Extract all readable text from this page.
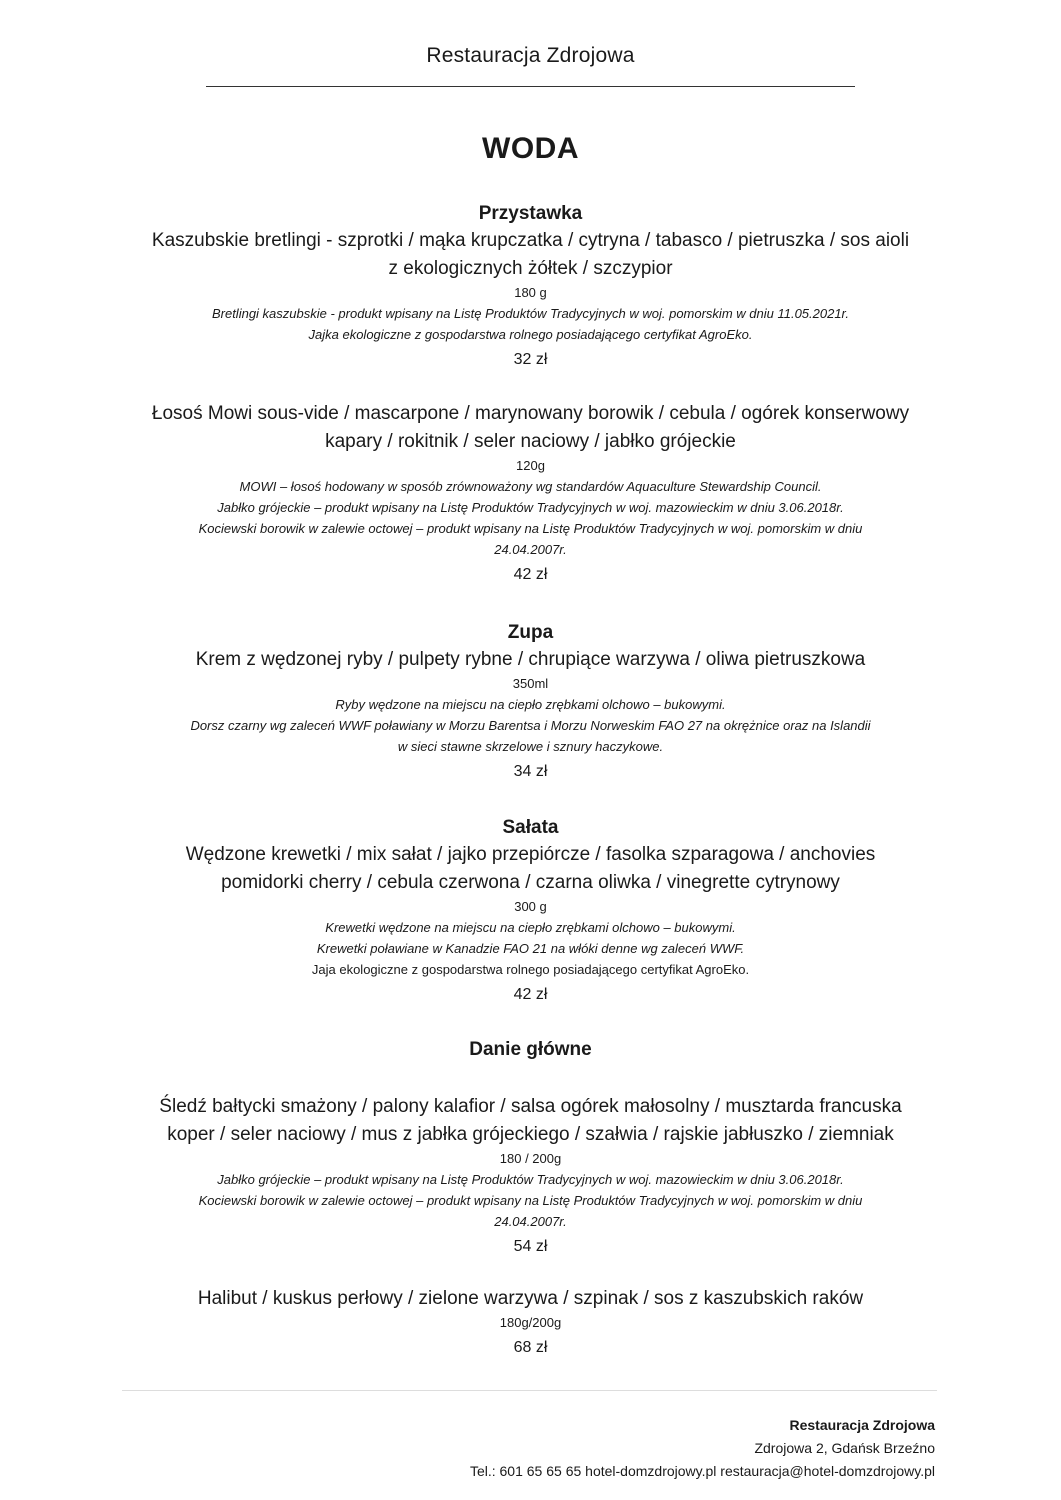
Restauracja Zdrojowa
WODA
Przystawka
Kaszubskie bretlingi - szprotki / mąka krupczatka / cytryna / tabasco / pietruszka / sos aioli
z ekologicznych żółtek / szczypior
180 g
Bretlingi kaszubskie - produkt wpisany na Listę Produktów Tradycyjnych w woj. pomorskim w dniu 11.05.2021r.
Jajka ekologiczne z gospodarstwa rolnego posiadającego certyfikat AgroEko.
32 zł
Łosoś Mowi sous-vide / mascarpone / marynowany borowik / cebula / ogórek konserwowy
kapary / rokitnik / seler naciowy / jabłko grójeckie
120g
MOWI – łosoś hodowany w sposób zrównoważony wg standardów Aquaculture Stewardship Council.
Jabłko grójeckie – produkt wpisany na Listę Produktów Tradycyjnych w woj. mazowieckim w dniu 3.06.2018r.
Kociewski borowik w zalewie octowej – produkt wpisany na Listę Produktów Tradycyjnych w woj. pomorskim w dniu
24.04.2007r.
42 zł
Zupa
Krem z wędzonej ryby / pulpety rybne / chrupiące warzywa / oliwa pietruszkowa
350ml
Ryby wędzone na miejscu na ciepło zrębkami olchowo – bukowymi.
Dorsz czarny wg zaleceń WWF poławiany w Morzu Barentsa i Morzu Norweskim FAO 27 na okrężnice oraz na Islandii
w sieci stawne skrzelowe i sznury haczykowe.
34 zł
Sałata
Wędzone krewetki / mix sałat / jajko przepiórcze / fasolka szparagowa / anchovies
pomidorki cherry / cebula czerwona / czarna oliwka / vinegrette cytrynowy
300 g
Krewetki wędzone na miejscu na ciepło zrębkami olchowo – bukowymi.
Krewetki poławiane w Kanadzie FAO 21 na włóki denne wg zaleceń WWF.
Jaja ekologiczne z gospodarstwa rolnego posiadającego certyfikat AgroEko.
42 zł
Danie główne
Śledź bałtycki smażony / palony kalafior / salsa ogórek małosolny / musztarda francuska
koper / seler naciowy / mus z jabłka grójeckiego / szałwia / rajskie jabłuszko / ziemniak
180 / 200g
Jabłko grójeckie – produkt wpisany na Listę Produktów Tradycyjnych w woj. mazowieckim w dniu 3.06.2018r.
Kociewski borowik w zalewie octowej – produkt wpisany na Listę Produktów Tradycyjnych w woj. pomorskim w dniu
24.04.2007r.
54 zł
Halibut / kuskus perłowy / zielone warzywa / szpinak / sos z kaszubskich raków
180g/200g
68 zł
Restauracja Zdrojowa
Zdrojowa 2, Gdańsk Brzeźno
Tel.: 601 65 65 65 hotel-domzdrojowy.pl restauracja@hotel-domzdrojowy.pl
